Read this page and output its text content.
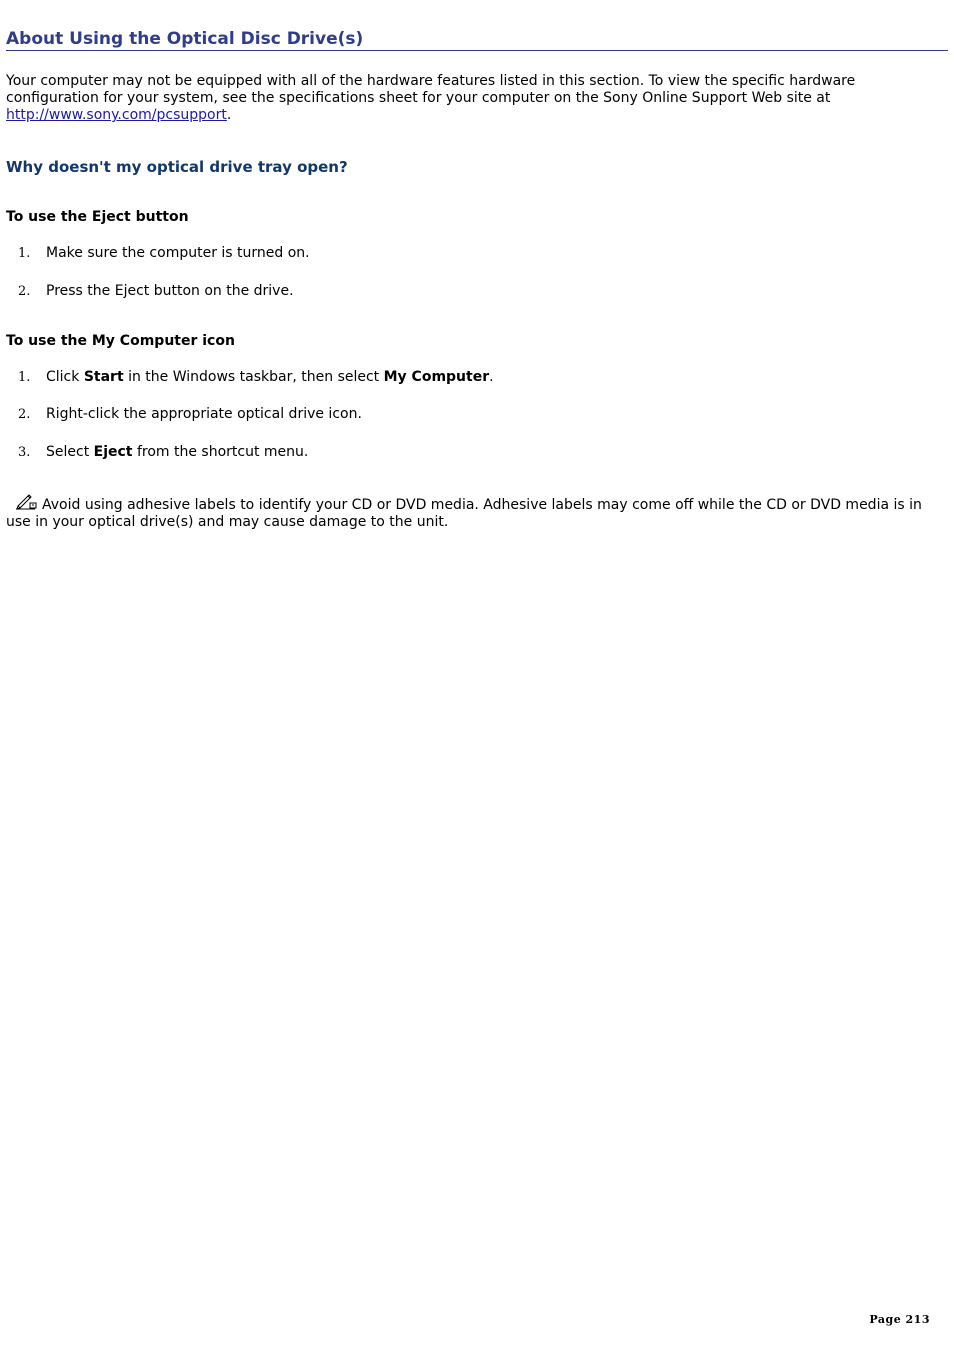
About Using the Optical Disc Drive(s)
Your computer may not be equipped with all of the hardware features listed in this section. To view the specific hardware configuration for your system, see the specifications sheet for your computer on the Sony Online Support Web site at
http://www.sony.com/pcsupport.
Why doesn't my optical drive tray open?
To use the Eject button
1. Make sure the computer is turned on.
2. Press the Eject button on the drive.
To use the My Computer icon
1. Click Start in the Windows taskbar, then select My Computer.
2. Right-click the appropriate optical drive icon.
3. Select Eject from the shortcut menu.
Avoid using adhesive labels to identify your CD or DVD media. Adhesive labels may come off while the CD or DVD media is in use in your optical drive(s) and may cause damage to the unit.
Page 213
